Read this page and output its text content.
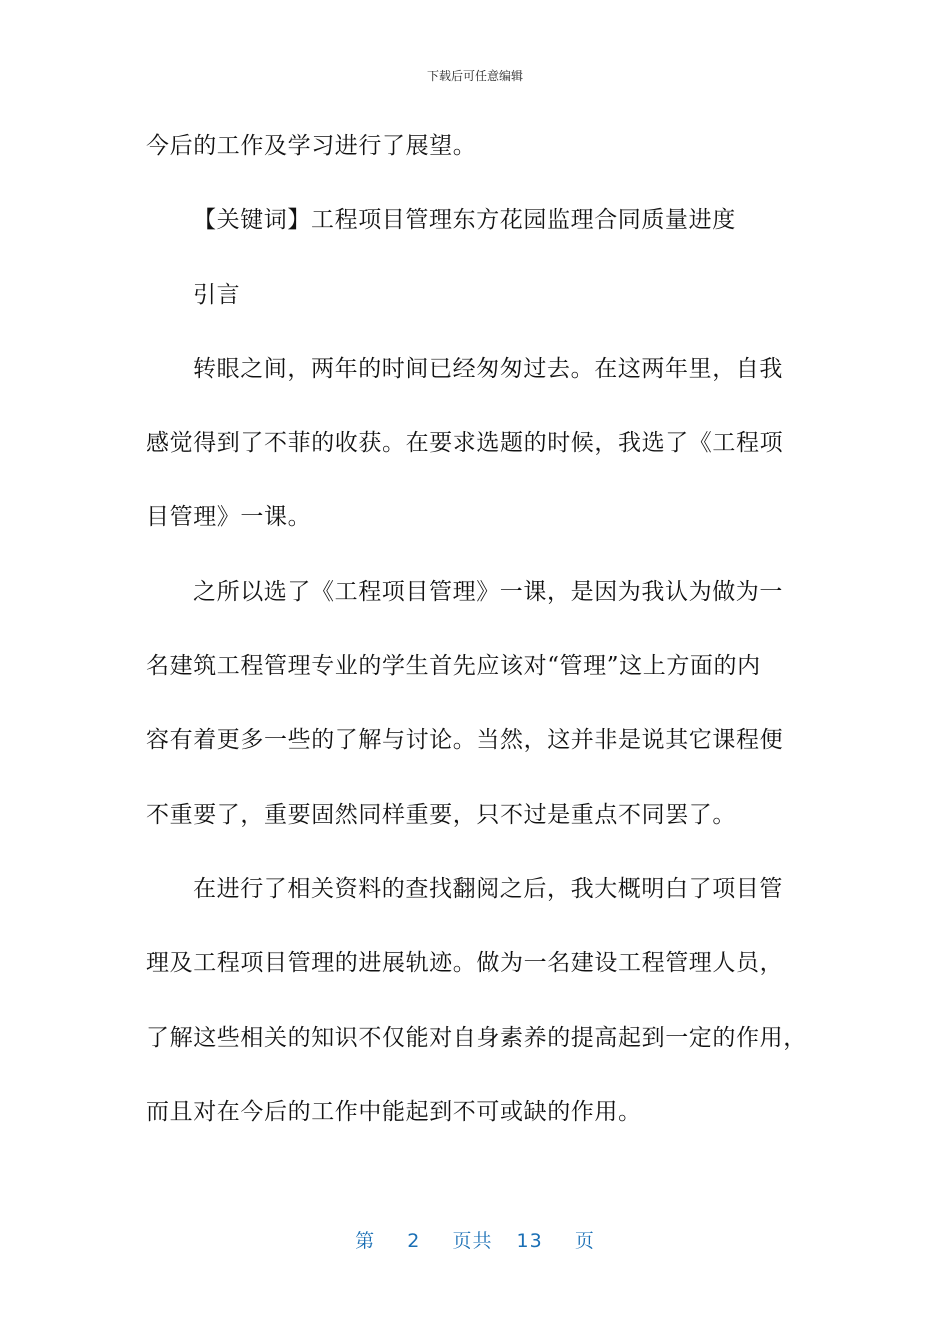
下载后可任意编辑
今后的工作及学习进行了展望。
【关键词】工程项目管理东方花园监理合同质量进度
引言
转眼之间，两年的时间已经匆匆过去。在这两年里，自我
感觉得到了不菲的收获。在要求选题的时候，我选了《工程项
目管理》一课。
之所以选了《工程项目管理》一课，是因为我认为做为一
名建筑工程管理专业的学生首先应该对“管理”这上方面的内
容有着更多一些的了解与讨论。当然，这并非是说其它课程便
不重要了，重要固然同样重要，只不过是重点不同罢了。
在进行了相关资料的查找翻阅之后，我大概明白了项目管
理及工程项目管理的进展轨迹。做为一名建设工程管理人员，
了解这些相关的知识不仅能对自身素养的提高起到一定的作用，
而且对在今后的工作中能起到不可或缺的作用。
第 2 页共 13 页
